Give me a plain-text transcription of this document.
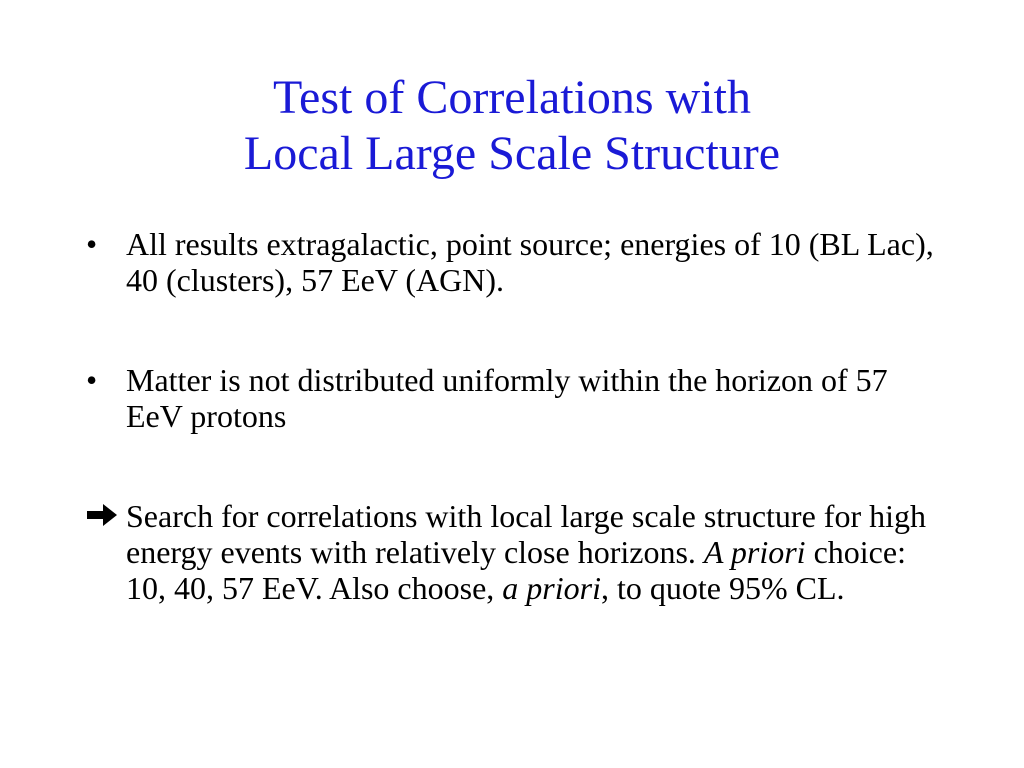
Test of Correlations with
Local Large Scale Structure
• All results extragalactic, point source; energies of 10 (BL Lac), 40 (clusters), 57 EeV (AGN).
• Matter is not distributed uniformly within the horizon of 57 EeV protons
Search for correlations with local large scale structure for high energy events with relatively close horizons. A priori choice: 10, 40, 57 EeV. Also choose, a priori, to quote 95% CL.
